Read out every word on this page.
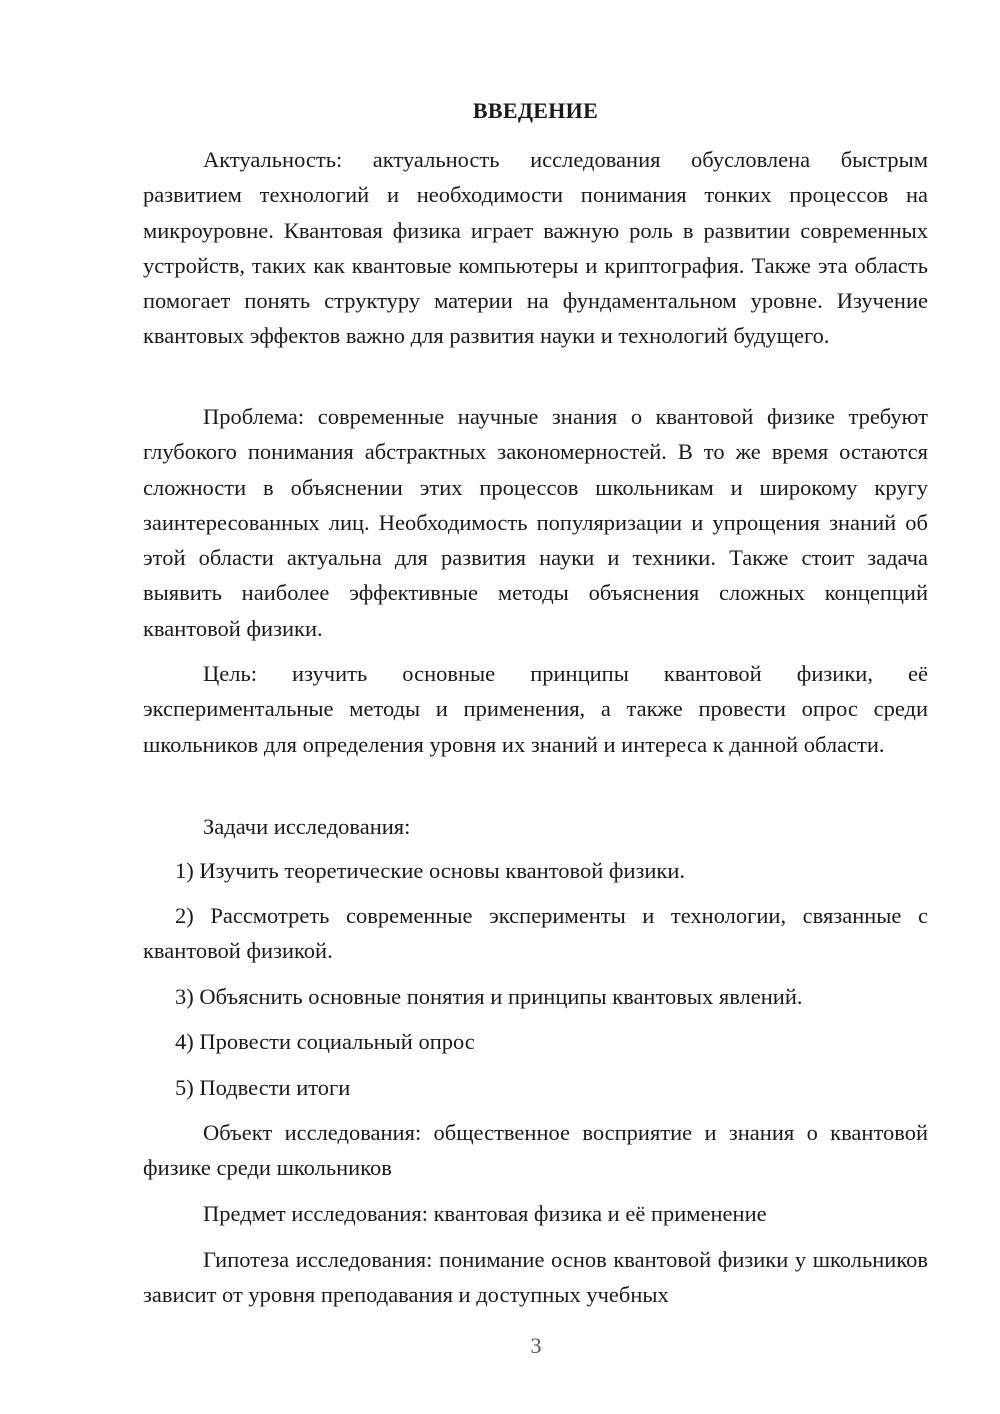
ВВЕДЕНИЕ

Актуальность: актуальность исследования обусловлена быстрым развитием технологий и необходимости понимания тонких процессов на микроуровне. Квантовая физика играет важную роль в развитии современных устройств, таких как квантовые компьютеры и криптография. Также эта область помогает понять структуру материи на фундаментальном уровне. Изучение квантовых эффектов важно для развития науки и технологий будущего.

Проблема: современные научные знания о квантовой физике требуют глубокого понимания абстрактных закономерностей. В то же время остаются сложности в объяснении этих процессов школьникам и широкому кругу заинтересованных лиц. Необходимость популяризации и упрощения знаний об этой области актуальна для развития науки и техники. Также стоит задача выявить наиболее эффективные методы объяснения сложных концепций квантовой физики.

Цель: изучить основные принципы квантовой физики, её экспериментальные методы и применения, а также провести опрос среди школьников для определения уровня их знаний и интереса к данной области.

Задачи исследования:

1) Изучить теоретические основы квантовой физики.

2) Рассмотреть современные эксперименты и технологии, связанные с квантовой физикой.

3) Объяснить основные понятия и принципы квантовых явлений.

4) Провести социальный опрос

5) Подвести итоги

Объект исследования: общественное восприятие и знания о квантовой физике среди школьников

Предмет исследования: квантовая физика и её применение

Гипотеза исследования: понимание основ квантовой физики у школьников зависит от уровня преподавания и доступных учебных

3
